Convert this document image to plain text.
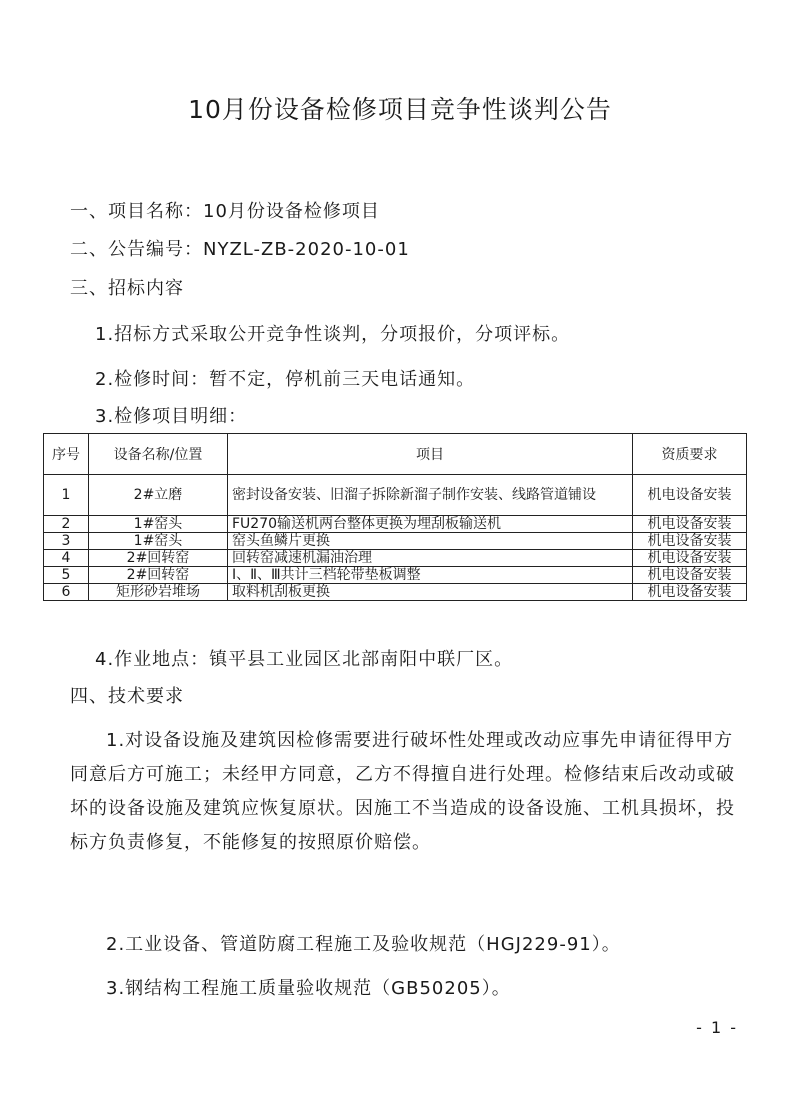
10月份设备检修项目竞争性谈判公告
一、项目名称：10月份设备检修项目
二、公告编号：NYZL-ZB-2020-10-01
三、招标内容
1.招标方式采取公开竞争性谈判，分项报价，分项评标。
2.检修时间：暂不定，停机前三天电话通知。
3.检修项目明细：
序号	设备名称/位置	项目	资质要求
1	2#立磨	密封设备安装、旧溜子拆除新溜子制作安装、线路管道铺设	机电设备安装
2	1#窑头	FU270输送机两台整体更换为埋刮板输送机	机电设备安装
3	1#窑头	窑头鱼鳞片更换	机电设备安装
4	2#回转窑	回转窑减速机漏油治理	机电设备安装
5	2#回转窑	Ⅰ、Ⅱ、Ⅲ共计三档轮带垫板调整	机电设备安装
6	矩形砂岩堆场	取料机刮板更换	机电设备安装
4.作业地点：镇平县工业园区北部南阳中联厂区。
四、技术要求

1.对设备设施及建筑因检修需要进行破坏性处理或改动应事先申请征得甲方同意后方可施工；未经甲方同意，乙方不得擅自进行处理。检修结束后改动或破坏的设备设施及建筑应恢复原状。因施工不当造成的设备设施、工机具损坏，投标方负责修复，不能修复的按照原价赔偿。

2.工业设备、管道防腐工程施工及验收规范（HGJ229-91）。

3.钢结构工程施工质量验收规范（GB50205）。

- 1 -
